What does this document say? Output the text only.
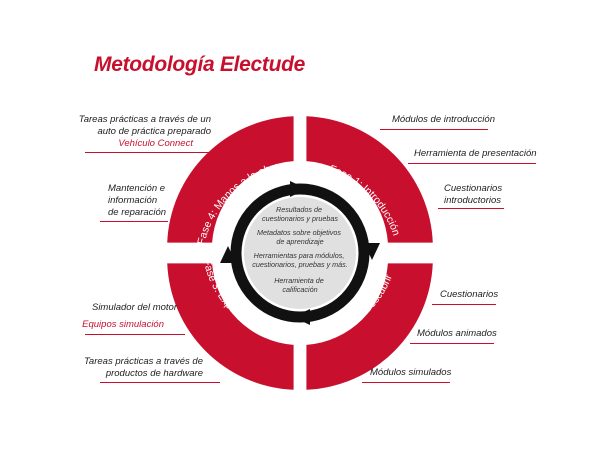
Metodología Electude
Fase 1: Introducción
Fase 4: Manos a la obra
Fase 2: Descubrir
Fase 3: Experimentación
Resultados de cuestionarios y pruebas
Metadatos sobre objetivos de aprendizaje
Herramientas para módulos, cuestionarios, pruebas y más.
Herramienta de calificación
Tareas prácticas a través de un
auto de práctica preparado
Vehículo Connect
Mantención e
información
de reparación
Simulador del motor
Equipos simulación
Tareas prácticas a través de
productos de hardware
Módulos de introducción
Herramienta de presentación
Cuestionarios
introductorios
Cuestionarios
Módulos animados
Módulos simulados
